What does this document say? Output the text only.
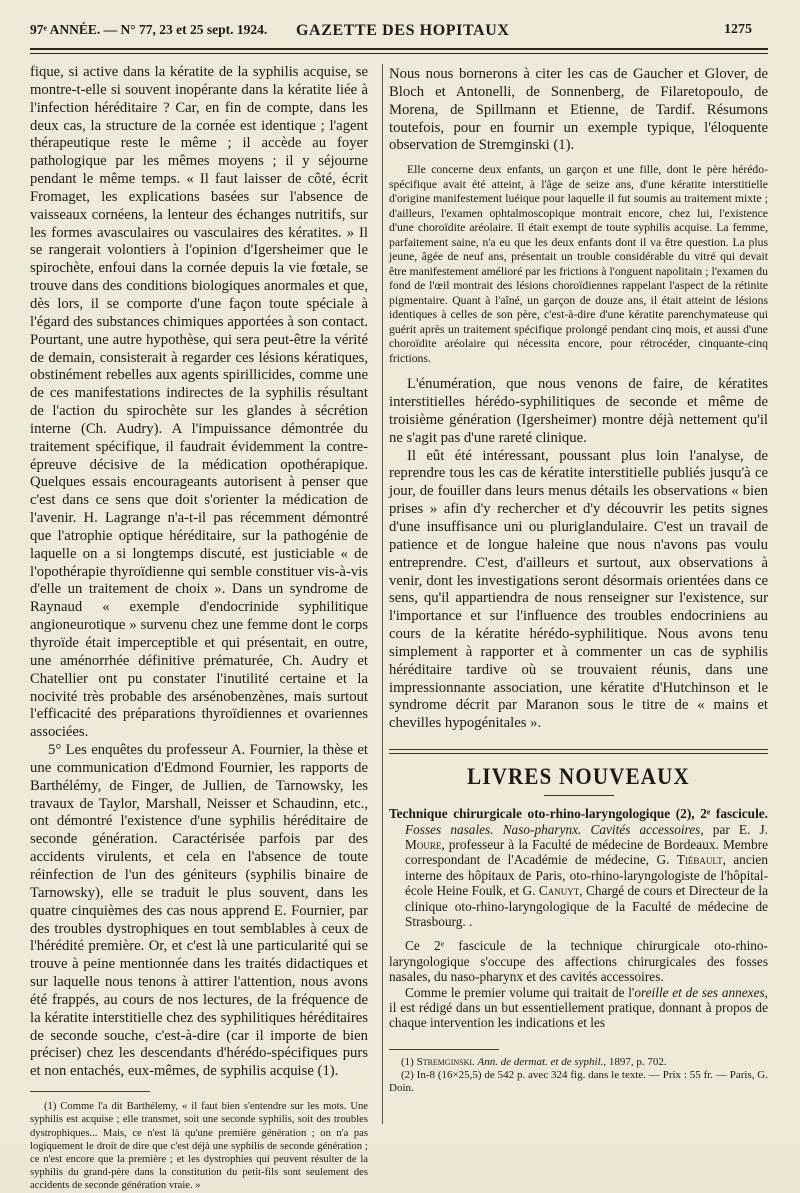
97ᵉ ANNÉE. — N° 77, 23 et 25 sept. 1924. GAZETTE DES HOPITAUX	1275

fique, si active dans la kératite de la syphilis acquise, se montre-t-elle si souvent inopérante dans la kératite liée à l'infection héréditaire ? Car, en fin de compte, dans les deux cas, la structure de la cornée est identique ; l'agent thérapeutique reste le même ; il accède au foyer pathologique par les mêmes moyens ; il y séjourne pendant le même temps. « Il faut laisser de côté, écrit Fromaget, les explications basées sur l'absence de vaisseaux cornéens, la lenteur des échanges nutritifs, sur les formes avasculaires ou vasculaires des kératites. » Il se rangerait volontiers à l'opinion d'Igersheimer que le spirochète, enfoui dans la cornée depuis la vie fœtale, se trouve dans des conditions biologiques anormales et que, dès lors, il se comporte d'une façon toute spéciale à l'égard des substances chimiques apportées à son contact. Pourtant, une autre hypothèse, qui sera peut-être la vérité de demain, consisterait à regarder ces lésions kératiques, obstinément rebelles aux agents spirillicides, comme une de ces manifestations indirectes de la syphilis résultant de l'action du spirochète sur les glandes à sécrétion interne (Ch. Audry). A l'impuissance démontrée du traitement spécifique, il faudrait évidemment la contre-épreuve décisive de la médication opothérapique. Quelques essais encourageants autorisent à penser que c'est dans ce sens que doit s'orienter la médication de l'avenir. H. Lagrange n'a-t-il pas récemment démontré que l'atrophie optique héréditaire, sur la pathogénie de laquelle on a si longtemps discuté, est justiciable « de l'opothérapie thyroïdienne qui semble constituer vis-à-vis d'elle un traitement de choix ». Dans un syndrome de Raynaud « exemple d'endocrinide syphilitique angioneurotique » survenu chez une femme dont le corps thyroïde était imperceptible et qui présentait, en outre, une aménorrhée définitive prématurée, Ch. Audry et Chatellier ont pu constater l'inutilité certaine et la nocivité très probable des arsénobenzènes, mais surtout l'efficacité des préparations thyroïdiennes et ovariennes associées.

5° Les enquêtes du professeur A. Fournier, la thèse et une communication d'Edmond Fournier, les rapports de Barthélémy, de Finger, de Jullien, de Tarnowsky, les travaux de Taylor, Marshall, Neisser et Schaudinn, etc., ont démontré l'existence d'une syphilis héréditaire de seconde génération. Caractérisée parfois par des accidents virulents, et cela en l'absence de toute réinfection de l'un des géniteurs (syphilis binaire de Tarnowsky), elle se traduit le plus souvent, dans les quatre cinquièmes des cas nous apprend E. Fournier, par des troubles dystrophiques en tout semblables à ceux de l'hérédité première. Or, et c'est là une particularité qui se trouve à peine mentionnée dans les traités didactiques et sur laquelle nous tenons à attirer l'attention, nous avons été frappés, au cours de nos lectures, de la fréquence de la kératite interstitielle chez des syphilitiques héréditaires de seconde souche, c'est-à-dire (car il importe de bien préciser) chez les descendants d'hérédo-spécifiques purs et non entachés, eux-mêmes, de syphilis acquise (1).

(1) Comme l'a dit Barthélemy, « il faut bien s'entendre sur les mots. Une syphilis est acquise ; elle transmet, soit une seconde syphilis, soit des troubles dystrophiques... Mais, ce n'est là qu'une première génération ; on n'a pas logiquement le droit de dire que c'est déjà une syphilis de seconde génération ; ce n'est encore que la première ; et les dystrophies qui peuvent résulter de la syphilis du grand-père dans la constitution du petit-fils sont seulement des accidents de seconde génération vraie. »

Nous nous bornerons à citer les cas de Gaucher et Glover, de Bloch et Antonelli, de Sonnenberg, de Filaretopoulo, de Morena, de Spillmann et Etienne, de Tardif. Résumons toutefois, pour en fournir un exemple typique, l'éloquente observation de Stremginski (1).

Elle concerne deux enfants, un garçon et une fille, dont le père hérédo-spécifique avait été atteint, à l'âge de seize ans, d'une kératite interstitielle d'origine manifestement luéique pour laquelle il fut soumis au traitement mixte ; d'ailleurs, l'examen ophtalmoscopique montrait encore, chez lui, l'existence d'une choroïdite aréolaire. Il était exempt de toute syphilis acquise. La femme, parfaitement saine, n'a eu que les deux enfants dont il va être question. La plus jeune, âgée de neuf ans, présentait un trouble considérable du vitré qui devait être manifestement amélioré par les frictions à l'onguent napolitain ; l'examen du fond de l'œil montrait des lésions choroïdiennes rappelant l'aspect de la rétinite pigmentaire. Quant à l'aîné, un garçon de douze ans, il était atteint de lésions identiques à celles de son père, c'est-à-dire d'une kératite parenchymateuse qui guérit après un traitement spécifique prolongé pendant cinq mois, et aussi d'une choroïdite aréolaire qui nécessita encore, pour rétrocéder, cinquante-cinq frictions.

L'énumération, que nous venons de faire, de kératites interstitielles hérédo-syphilitiques de seconde et même de troisième génération (Igersheimer) montre déjà nettement qu'il ne s'agit pas d'une rareté clinique.

Il eût été intéressant, poussant plus loin l'analyse, de reprendre tous les cas de kératite interstitielle publiés jusqu'à ce jour, de fouiller dans leurs menus détails les observations « bien prises » afin d'y rechercher et d'y découvrir les petits signes d'une insuffisance uni ou pluriglandulaire. C'est un travail de patience et de longue haleine que nous n'avons pas voulu entreprendre. C'est, d'ailleurs et surtout, aux observations à venir, dont les investigations seront désormais orientées dans ce sens, qu'il appartiendra de nous renseigner sur l'existence, sur l'importance et sur l'influence des troubles endocriniens au cours de la kératite hérédo-syphilitique. Nous avons tenu simplement à rapporter et à commenter un cas de syphilis héréditaire tardive où se trouvaient réunis, dans une impressionnante association, une kératite d'Hutchinson et le syndrome décrit par Maranon sous le titre de « mains et chevilles hypogénitales ».

LIVRES NOUVEAUX

Technique chirurgicale oto-rhino-laryngologique (2), 2ᵉ fascicule. Fosses nasales. Naso-pharynx. Cavités accessoires, par E. J. Moure, professeur à la Faculté de médecine de Bordeaux. Membre correspondant de l'Académie de médecine, G. Tiébault, ancien interne des hôpitaux de Paris, oto-rhino-laryngologiste de l'hôpital-école Heine Foulk, et G. Canuyt, Chargé de cours et Directeur de la clinique oto-rhino-laryngologique de la Faculté de médecine de Strasbourg. .

Ce 2ᵉ fascicule de la technique chirurgicale oto-rhino-laryngologique s'occupe des affections chirurgicales des fosses nasales, du naso-pharynx et des cavités accessoires.

Comme le premier volume qui traitait de l'oreille et de ses annexes, il est rédigé dans un but essentiellement pratique, donnant à propos de chaque intervention les indications et les

(1) Stremginski. Ann. de dermat. et de syphil., 1897, p. 702.

(2) In-8 (16×25,5) de 542 p. avec 324 fig. dans le texte. — Prix : 55 fr. — Paris, G. Doin.
